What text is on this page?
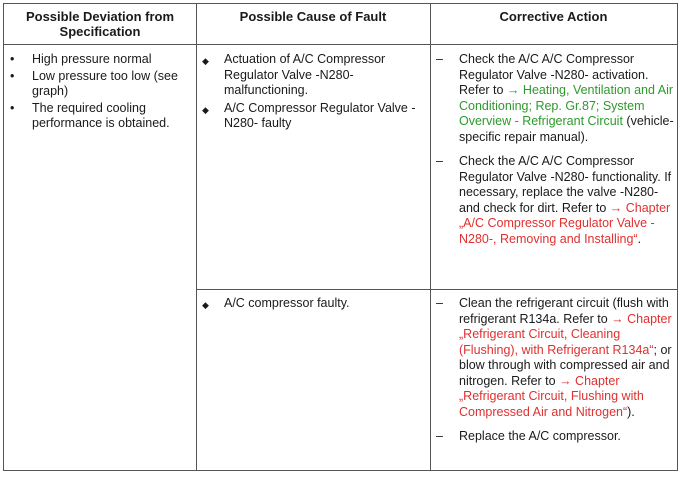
Possible Deviation from Specification
Possible Cause of Fault	Corrective Action
• High pressure normal
• Low pressure too low (see graph)
• The required cooling performance is obtained.
◆ Actuation of A/C Compressor Regulator Valve -N280- malfunctioning.
◆ A/C Compressor Regulator Valve -N280- faulty
– Check the A/C A/C Compressor Regulator Valve -N280- activation. Refer to → Heating, Ventilation and Air Conditioning; Rep. Gr.87; System Overview - Refrigerant Circuit (vehicle-specific repair manual).
– Check the A/C A/C Compressor Regulator Valve -N280- functionality. If necessary, replace the valve -N280- and check for dirt. Refer to → Chapter „A/C Compressor Regulator Valve -N280-, Removing and Installing“.
◆ A/C compressor faulty.	– Clean the refrigerant circuit (flush with refrigerant R134a. Refer to → Chapter „Refrigerant Circuit, Cleaning (Flushing), with Refrigerant R134a“; or blow through with compressed air and nitrogen. Refer to → Chapter „Refrigerant Circuit, Flushing with Compressed Air and Nitrogen“).
– Replace the A/C compressor.
